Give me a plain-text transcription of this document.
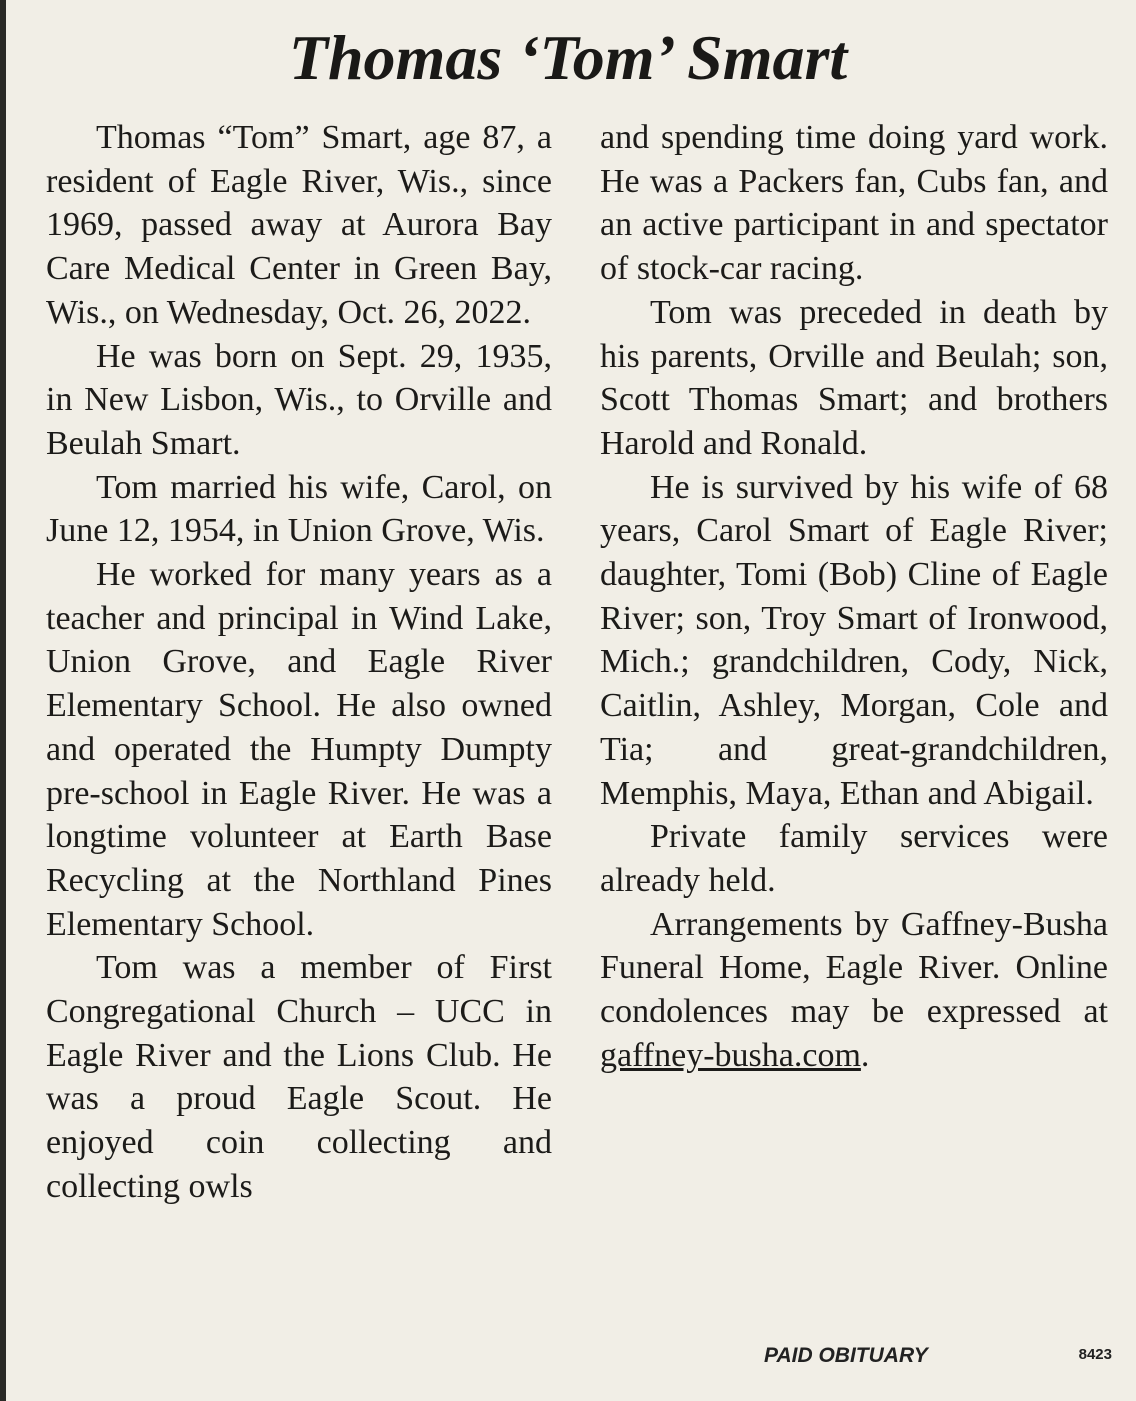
Thomas ‘Tom’ Smart

Thomas “Tom” Smart, age 87, a resident of Eagle River, Wis., since 1969, passed away at Aurora Bay Care Medical Center in Green Bay, Wis., on Wednesday, Oct. 26, 2022.

He was born on Sept. 29, 1935, in New Lisbon, Wis., to Orville and Beulah Smart.

Tom married his wife, Carol, on June 12, 1954, in Union Grove, Wis.

He worked for many years as a teacher and principal in Wind Lake, Union Grove, and Eagle River Elementary School. He also owned and operated the Humpty Dumpty pre-school in Eagle River. He was a longtime volunteer at Earth Base Recycling at the Northland Pines Elementary School.

Tom was a member of First Congregational Church – UCC in Eagle River and the Lions Club. He was a proud Eagle Scout. He enjoyed coin collecting and collecting owls

and spending time doing yard work. He was a Packers fan, Cubs fan, and an active participant in and spectator of stock-car racing.

Tom was preceded in death by his parents, Orville and Beulah; son, Scott Thomas Smart; and brothers Harold and Ronald.

He is survived by his wife of 68 years, Carol Smart of Eagle River; daughter, Tomi (Bob) Cline of Eagle River; son, Troy Smart of Ironwood, Mich.; grandchildren, Cody, Nick, Caitlin, Ashley, Morgan, Cole and Tia; and great-grandchildren, Memphis, Maya, Ethan and Abigail.

Private family services were already held.

Arrangements by Gaffney-Busha Funeral Home, Eagle River. Online condolences may be expressed at gaffney-busha.com.

PAID OBITUARY	8423
